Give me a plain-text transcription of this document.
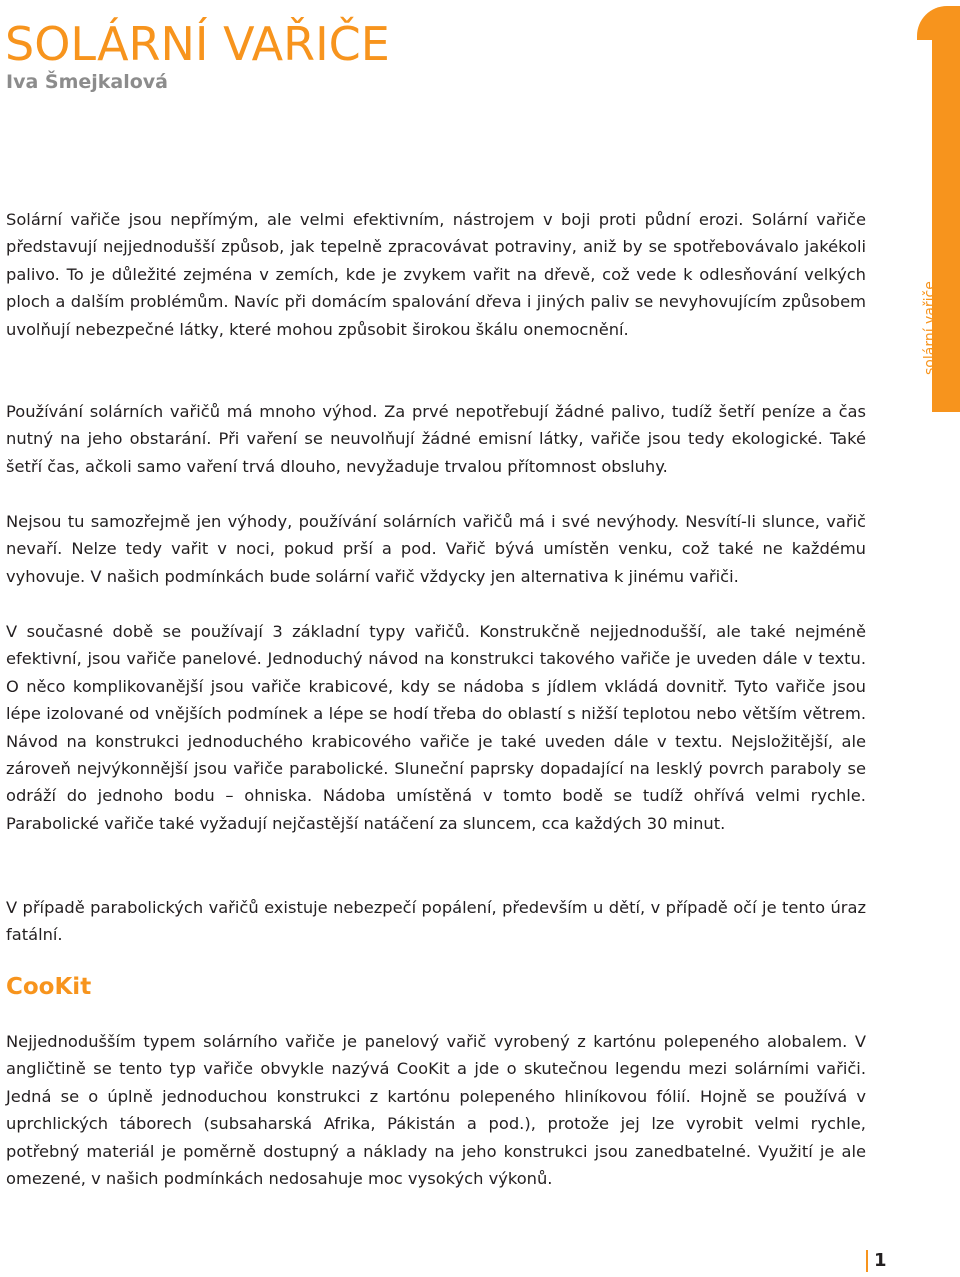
SOLÁRNÍ VAŘIČE
Iva Šmejkalová
solární vařiče

Solární vařiče jsou nepřímým, ale velmi efektivním, nástrojem v boji proti půdní erozi. Solární vařiče představují nejjednodušší způsob, jak tepelně zpracovávat potraviny, aniž by se spotřebovávalo jakékoli palivo. To je důležité zejména v zemích, kde je zvykem vařit na dřevě, což vede k odlesňování velkých ploch a dalším problémům. Navíc při domácím spalování dřeva i jiných paliv se nevyhovujícím způsobem uvolňují nebezpečné látky, které mohou způsobit širokou škálu onemocnění.

Používání solárních vařičů má mnoho výhod. Za prvé nepotřebují žádné palivo, tudíž šetří peníze a čas nutný na jeho obstarání. Při vaření se neuvolňují žádné emisní látky, vařiče jsou tedy ekologické. Také šetří čas, ačkoli samo vaření trvá dlouho, nevyžaduje trvalou přítomnost obsluhy.

Nejsou tu samozřejmě jen výhody, používání solárních vařičů má i své nevýhody. Nesvítí-li slunce, vařič nevaří. Nelze tedy vařit v noci, pokud prší a pod. Vařič bývá umístěn venku, což také ne každému vyhovuje. V našich podmínkách bude solární vařič vždycky jen alternativa k jinému vařiči.

V současné době se používají 3 základní typy vařičů. Konstrukčně nejjednodušší, ale také nejméně efektivní, jsou vařiče panelové. Jednoduchý návod na konstrukci takového vařiče je uveden dále v textu. O něco komplikovanější jsou vařiče krabicové, kdy se nádoba s jídlem vkládá dovnitř. Tyto vařiče jsou lépe izolované od vnějších podmínek a lépe se hodí třeba do oblastí s nižší teplotou nebo větším větrem. Návod na konstrukci jednoduchého krabicového vařiče je také uveden dále v textu. Nejsložitější, ale zároveň nejvýkonnější jsou vařiče parabolické. Sluneční paprsky dopadající na lesklý povrch paraboly se odráží do jednoho bodu – ohniska. Nádoba umístěná v tomto bodě se tudíž ohřívá velmi rychle. Parabolické vařiče také vyžadují nejčastější natáčení za sluncem, cca každých 30 minut.

V případě parabolických vařičů existuje nebezpečí popálení, především u dětí, v případě očí je tento úraz fatální.

CooKit

Nejjednodušším typem solárního vařiče je panelový vařič vyrobený z kartónu polepeného alobalem. V angličtině se tento typ vařiče obvykle nazývá CooKit a jde o skutečnou legendu mezi solárními vařiči. Jedná se o úplně jednoduchou konstrukci z kartónu polepeného hliníkovou fólií. Hojně se používá v uprchlických táborech (subsaharská Afrika, Pákistán a pod.), protože jej lze vyrobit velmi rychle, potřebný materiál je poměrně dostupný a náklady na jeho konstrukci jsou zanedbatelné. Využití je ale omezené, v našich podmínkách nedosahuje moc vysokých výkonů.

1
